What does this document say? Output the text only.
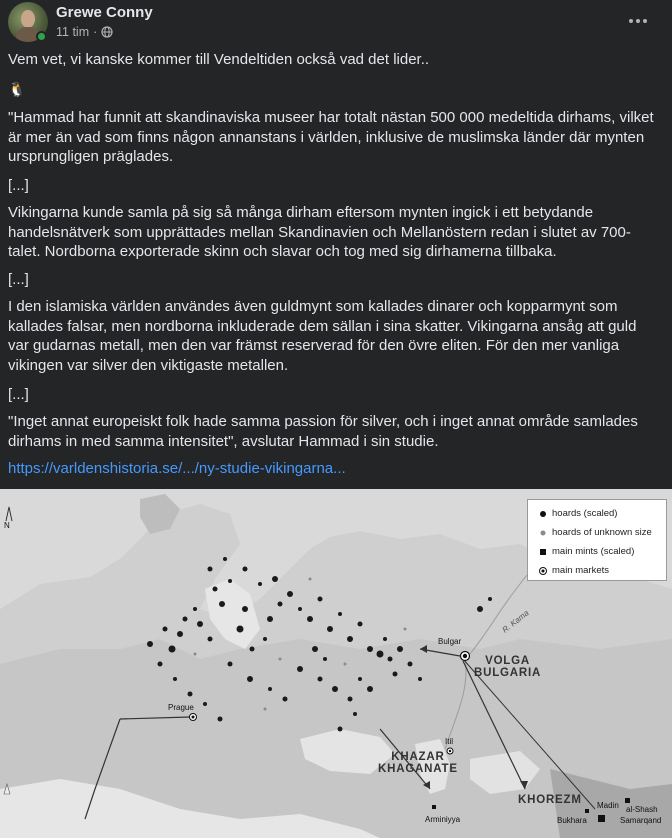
Grewe Conny
11 tim ·

Vem vet, vi kanske kommer till Vendeltiden också vad det lider..

🐧

"Hammad har funnit att skandinaviska museer har totalt nästan 500 000 medeltida dirhams, vilket är mer än vad som finns någon annanstans i världen, inklusive de muslimska länder där mynten ursprungligen präglades.

[...]

Vikingarna kunde samla på sig så många dirham eftersom mynten ingick i ett betydande handelsnätverk som upprättades mellan Skandinavien och Mellanöstern redan i slutet av 700-talet. Nordborna exporterade skinn och slavar och tog med sig dirhamerna tillbaka.

[...]

I den islamiska världen användes även guldmynt som kallades dinarer och kopparmynt som kallades falsar, men nordborna inkluderade dem sällan i sina skatter. Vikingarna ansåg att guld var gudarnas metall, men den var främst reserverad för den övre eliten. För den mer vanliga vikingen var silver den viktigaste metallen.

[...]

"Inget annat europeiskt folk hade samma passion för silver, och i inget annat område samlades dirhams in med samma intensitet", avslutar Hammad i sin studie.

https://varldenshistoria.se/.../ny-studie-vikingarna...
N
Prague
Bulgar
VOLGA
BULGARIA
R. Kama
Itil
KHAZAR
KHAGANATE
KHOREZM Madin al-Shash
Bukhara	Samarqand
Arminiyya
hoards (scaled)
hoards of unknown size
main mints (scaled)
main markets
